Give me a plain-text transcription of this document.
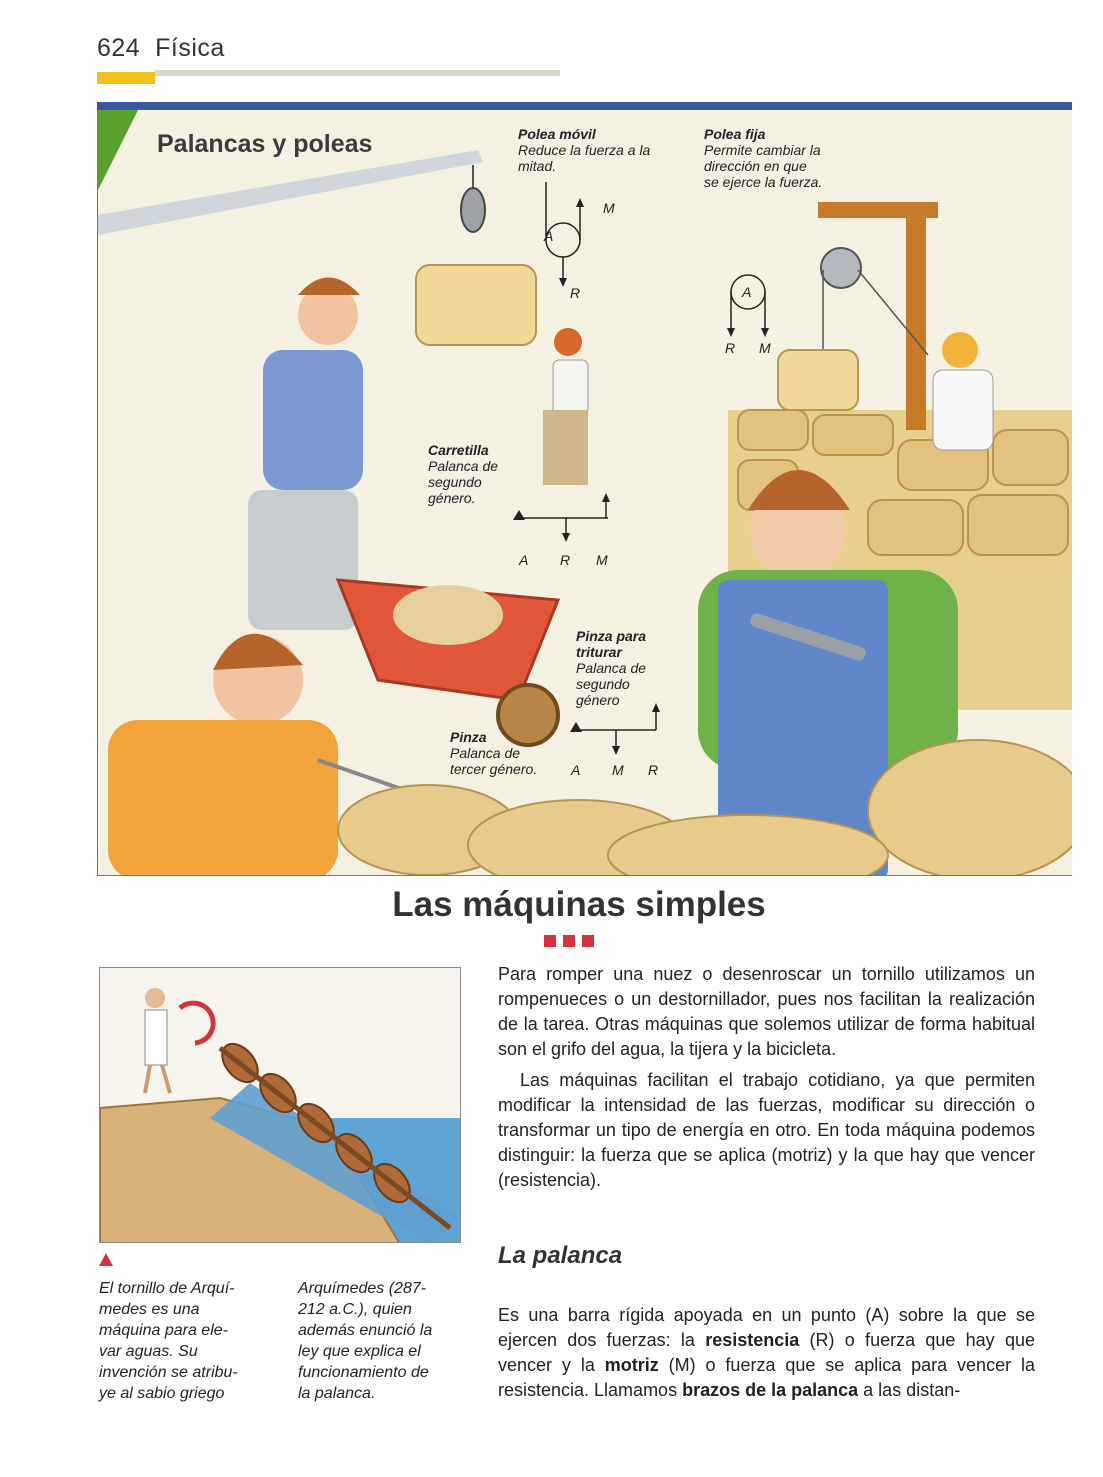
624 Física
Palancas y poleas	Polea móvil
Reduce la fuerza a la mitad.
Polea fija
Permite cambiar la dirección en que se ejerce la fuerza.
Carretilla
Palanca de segundo género.
Pinza para triturar
Palanca de segundo género
Pinza
Palanca de tercer género.
A
M
R	A
R M
A R M
A M R
Las máquinas simples
El tornillo de Arquí-
medes es una
máquina para ele-
var aguas. Su
invención se atribu-
ye al sabio griego
Arquímedes (287-
212 a.C.), quien
además enunció la
ley que explica el
funcionamiento de
la palanca.
Para romper una nuez o desenroscar un tornillo utilizamos un rompenueces o un destornillador, pues nos facilitan la realización de la tarea. Otras máquinas que solemos utilizar de forma habitual son el grifo del agua, la tijera y la bicicleta.
Las máquinas facilitan el trabajo cotidiano, ya que permiten modificar la intensidad de las fuerzas, modificar su dirección o transformar un tipo de energía en otro. En toda máquina podemos distinguir: la fuerza que se aplica (motriz) y la que hay que vencer (resistencia).
La palanca
Es una barra rígida apoyada en un punto (A) sobre la que se ejercen dos fuerzas: la resistencia (R) o fuerza que hay que vencer y la motriz (M) o fuerza que se aplica para vencer la resistencia. Llamamos brazos de la palanca a las distan-
